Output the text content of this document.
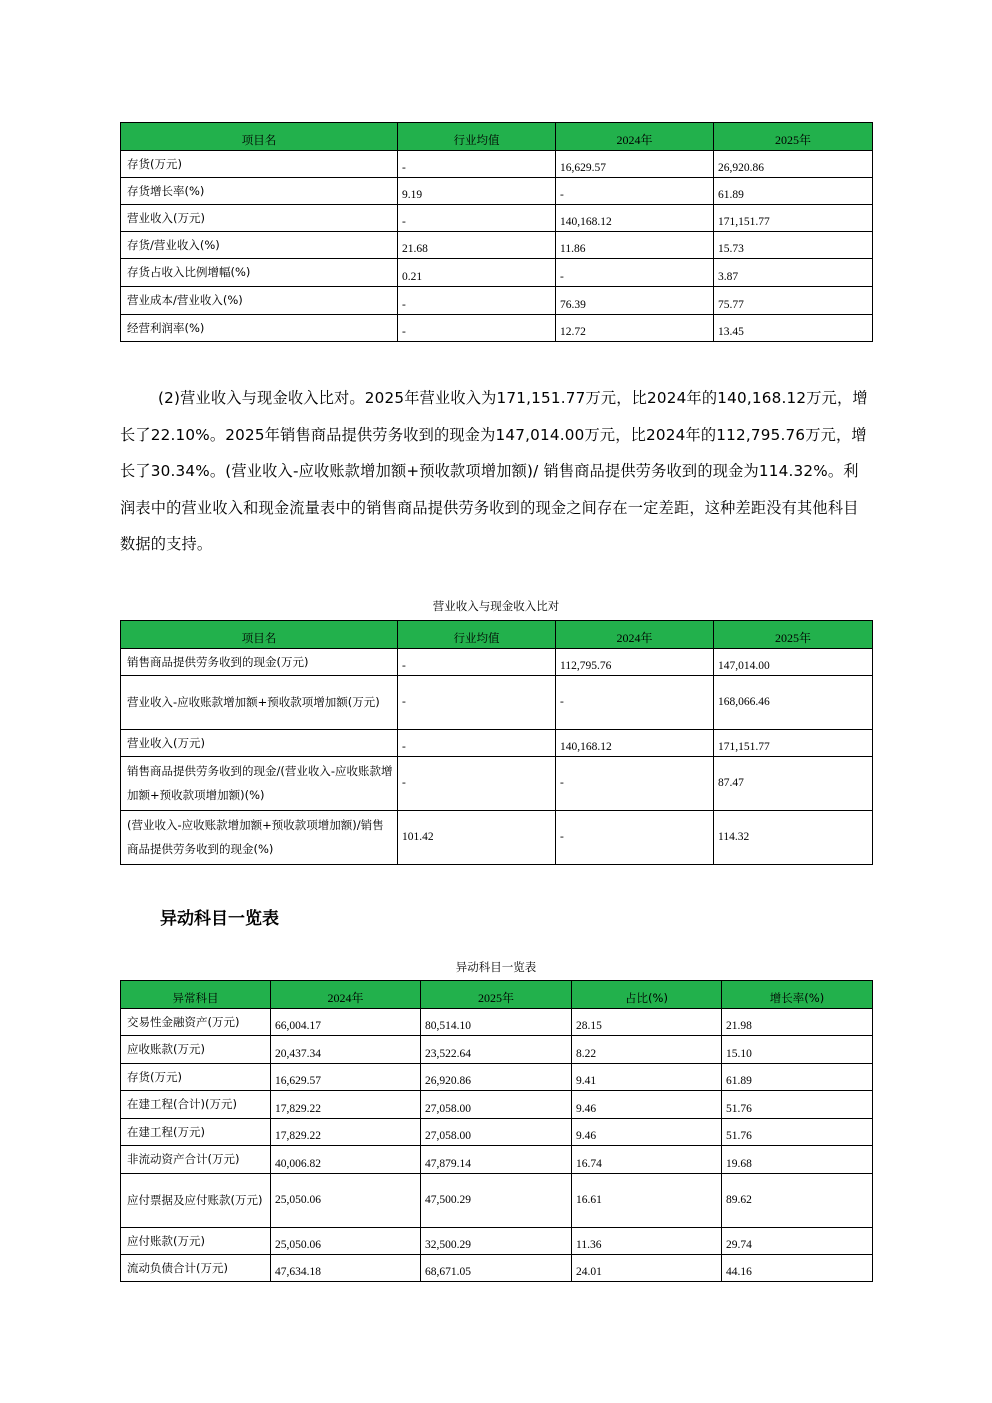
项目名	行业均值	2024年	2025年
存货(万元)	-	16,629.57	26,920.86
存货增长率(%)	9.19	-	61.89
营业收入(万元)	-	140,168.12	171,151.77
存货/营业收入(%)	21.68	11.86	15.73
存货占收入比例增幅(%)	0.21	-	3.87
营业成本/营业收入(%)	-	76.39	75.77
经营利润率(%)	-	12.72	13.45
(2)营业收入与现金收入比对。2025年营业收入为171,151.77万元，比2024年的140,168.12万元，增长了22.10%。2025年销售商品提供劳务收到的现金为147,014.00万元，比2024年的112,795.76万元，增长了30.34%。(营业收入-应收账款增加额+预收款项增加额)/ 销售商品提供劳务收到的现金为114.32%。利润表中的营业收入和现金流量表中的销售商品提供劳务收到的现金之间存在一定差距，这种差距没有其他科目数据的支持。
营业收入与现金收入比对
项目名	行业均值	2024年	2025年
销售商品提供劳务收到的现金(万元)	-	112,795.76	147,014.00
营业收入-应收账款增加额+预收款项增加额(万元)	-	-	168,066.46
营业收入(万元)	-	140,168.12	171,151.77
销售商品提供劳务收到的现金/(营业收入-应收账款增加额+预收款项增加额)(%)	-	-	87.47
(营业收入-应收账款增加额+预收款项增加额)/销售商品提供劳务收到的现金(%)	101.42	-	114.32
异动科目一览表
异动科目一览表
异常科目	2024年	2025年	占比(%)	增长率(%)
交易性金融资产(万元)	66,004.17	80,514.10	28.15	21.98
应收账款(万元)	20,437.34	23,522.64	8.22	15.10
存货(万元)	16,629.57	26,920.86	9.41	61.89
在建工程(合计)(万元)	17,829.22	27,058.00	9.46	51.76
在建工程(万元)	17,829.22	27,058.00	9.46	51.76
非流动资产合计(万元)	40,006.82	47,879.14	16.74	19.68
应付票据及应付账款(万元)	25,050.06	47,500.29	16.61	89.62
应付账款(万元)	25,050.06	32,500.29	11.36	29.74
流动负债合计(万元)	47,634.18	68,671.05	24.01	44.16
